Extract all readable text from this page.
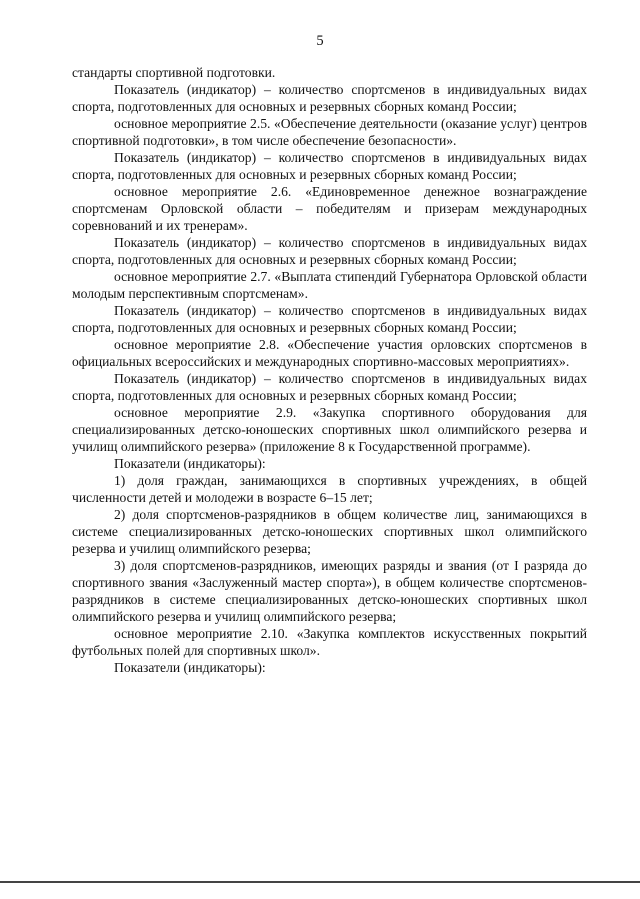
5

стандарты спортивной подготовки.

Показатель (индикатор) – количество спортсменов в индивидуальных видах спорта, подготовленных для основных и резервных сборных команд России;

основное мероприятие 2.5. «Обеспечение деятельности (оказание услуг) центров спортивной подготовки», в том числе обеспечение безопасности».

Показатель (индикатор) – количество спортсменов в индивидуальных видах спорта, подготовленных для основных и резервных сборных команд России;

основное мероприятие 2.6. «Единовременное денежное вознаграждение спортсменам Орловской области – победителям и призерам международных соревнований и их тренерам».

Показатель (индикатор) – количество спортсменов в индивидуальных видах спорта, подготовленных для основных и резервных сборных команд России;

основное мероприятие 2.7. «Выплата стипендий Губернатора Орловской области молодым перспективным спортсменам».

Показатель (индикатор) – количество спортсменов в индивидуальных видах спорта, подготовленных для основных и резервных сборных команд России;

основное мероприятие 2.8. «Обеспечение участия орловских спортсменов в официальных всероссийских и международных спортивно-массовых мероприятиях».

Показатель (индикатор) – количество спортсменов в индивидуальных видах спорта, подготовленных для основных и резервных сборных команд России;

основное мероприятие 2.9. «Закупка спортивного оборудования для специализированных детско-юношеских спортивных школ олимпийского резерва и училищ олимпийского резерва» (приложение 8 к Государственной программе).

Показатели (индикаторы):

1) доля граждан, занимающихся в спортивных учреждениях, в общей численности детей и молодежи в возрасте 6–15 лет;

2) доля спортсменов-разрядников в общем количестве лиц, занимающихся в системе специализированных детско-юношеских спортивных школ олимпийского резерва и училищ олимпийского резерва;

3) доля спортсменов-разрядников, имеющих разряды и звания (от I разряда до спортивного звания «Заслуженный мастер спорта»), в общем количестве спортсменов-разрядников в системе специализированных детско-юношеских спортивных школ олимпийского резерва и училищ олимпийского резерва;

основное мероприятие 2.10. «Закупка комплектов искусственных покрытий футбольных полей для спортивных школ».

Показатели (индикаторы):
